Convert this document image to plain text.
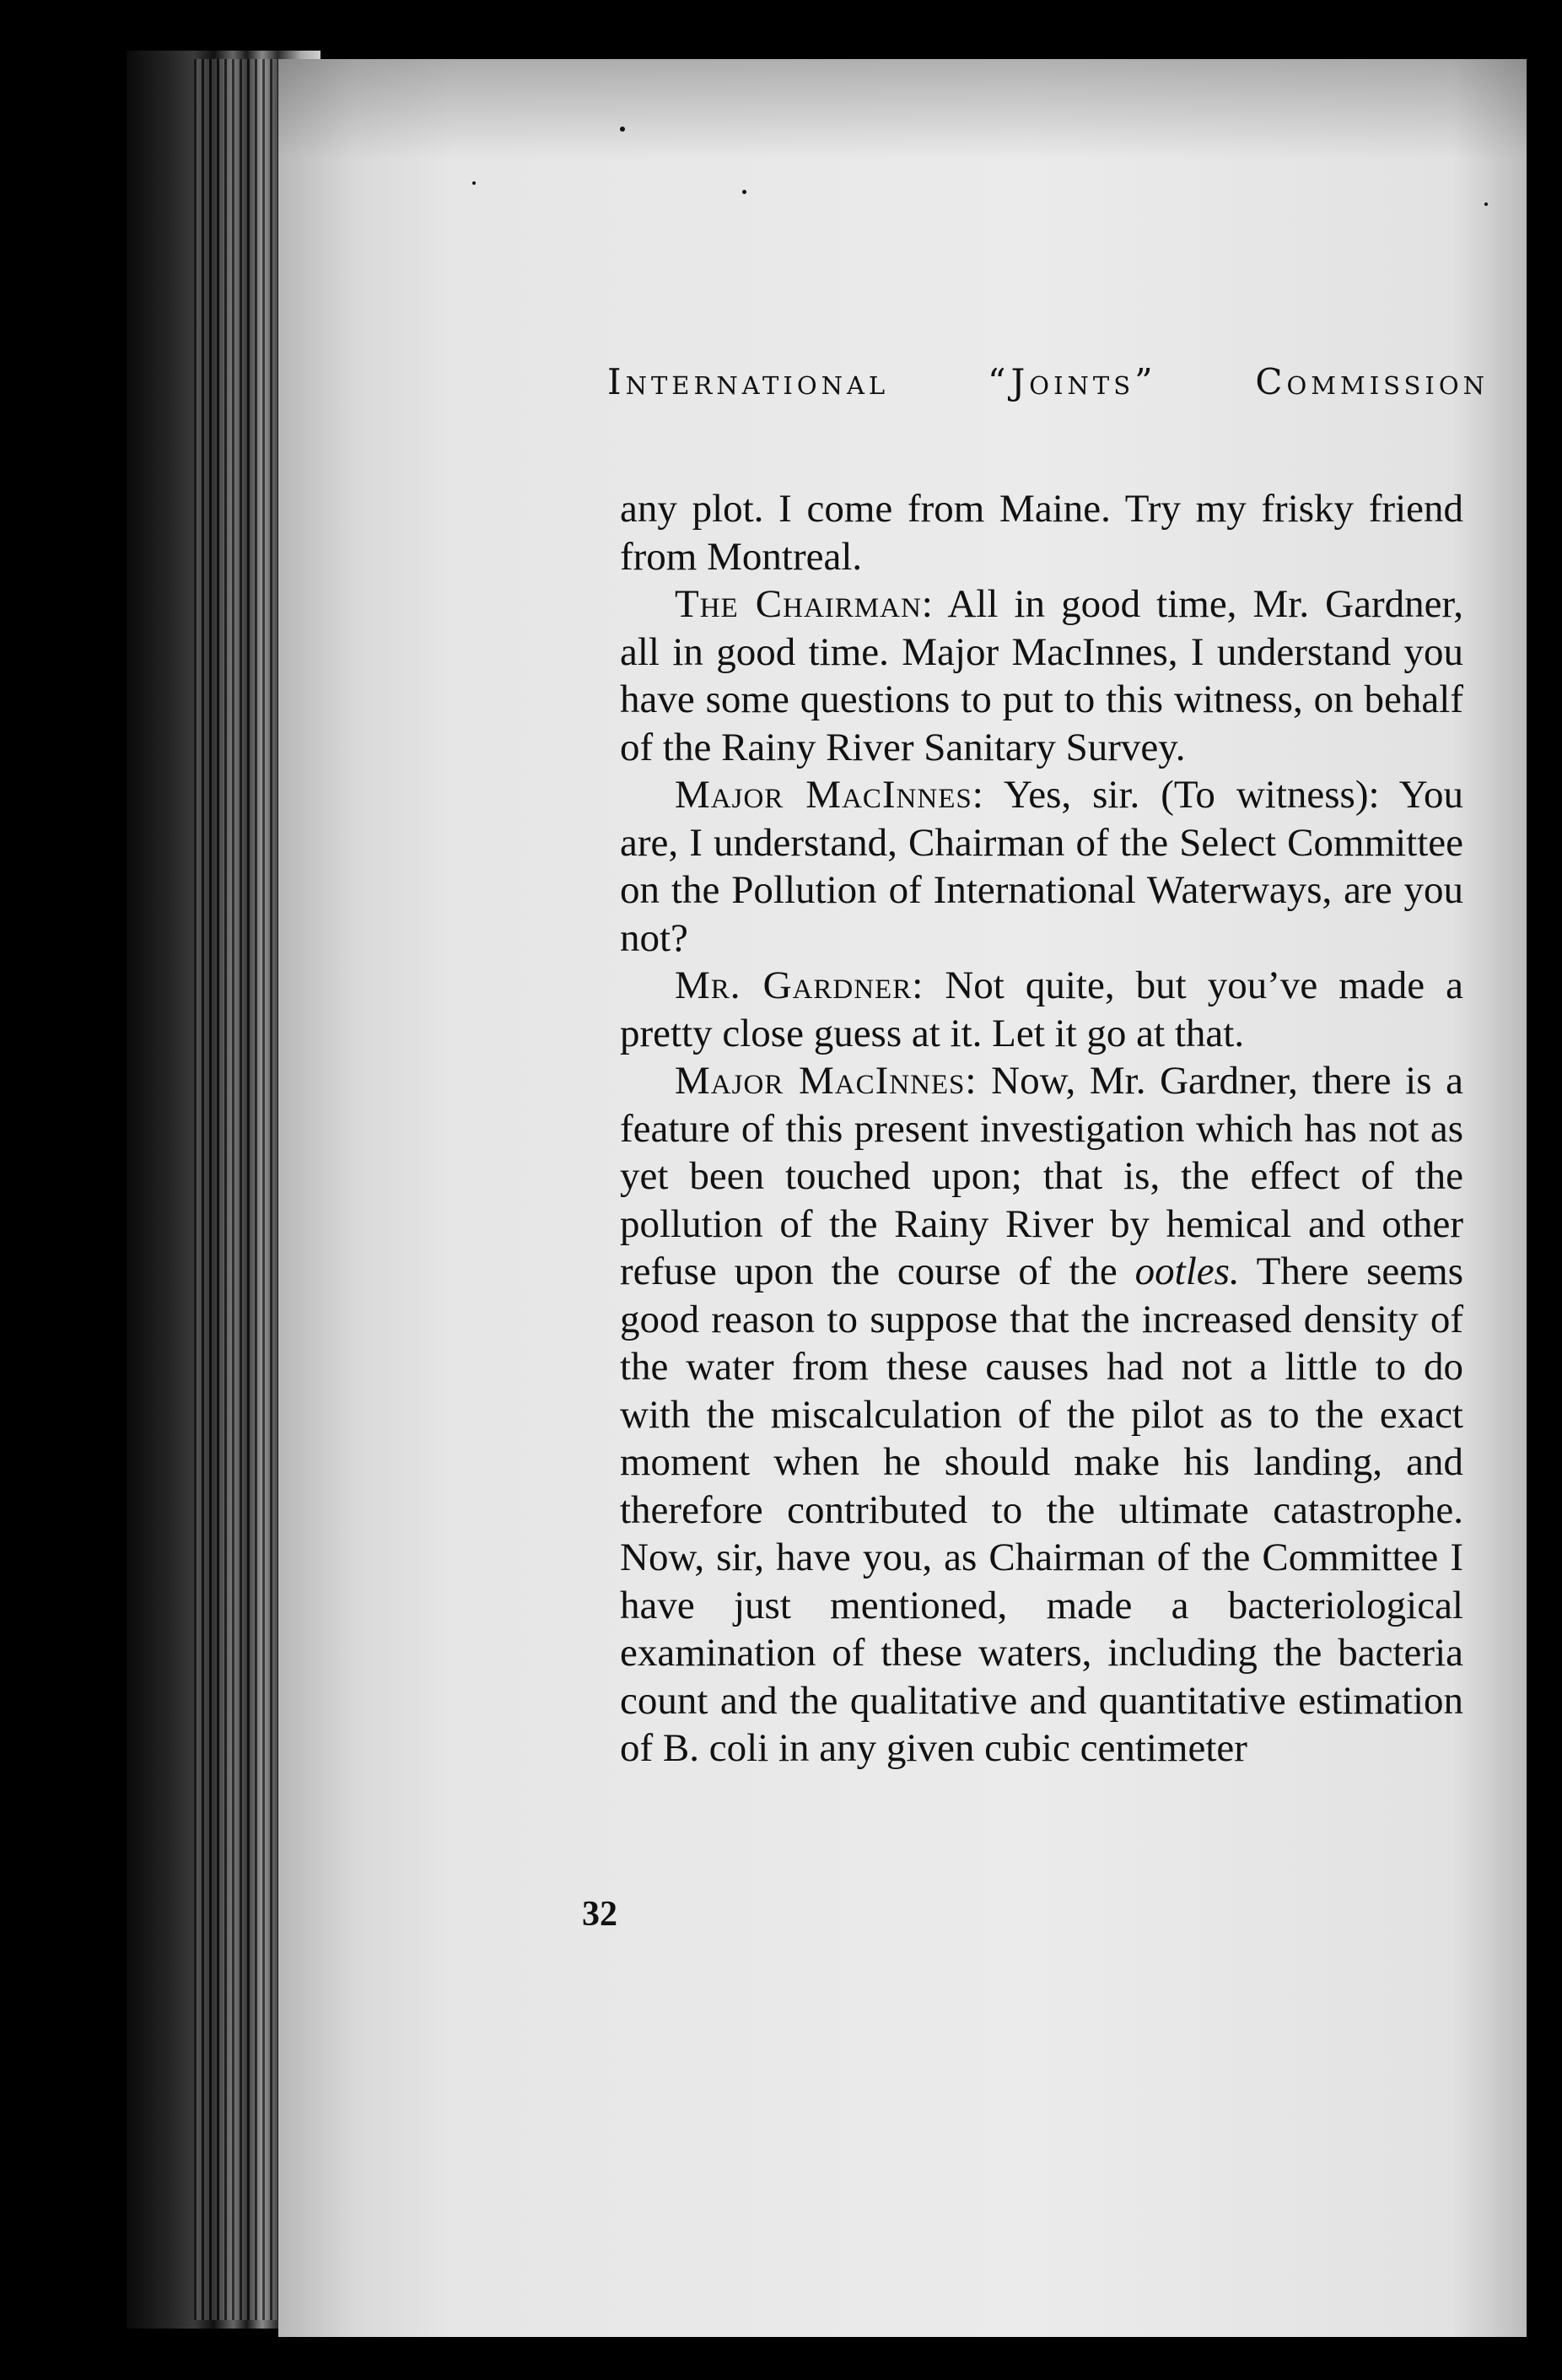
International	“Joints”	Commission

any plot. I come from Maine. Try my frisky friend from Montreal.

The Chairman: All in good time, Mr. Gardner, all in good time. Major MacInnes, I understand you have some questions to put to this witness, on behalf of the Rainy River Sanitary Survey.

Major MacInnes: Yes, sir. (To witness): You are, I understand, Chairman of the Select Committee on the Pollution of International Waterways, are you not?

Mr. Gardner: Not quite, but you’ve made a pretty close guess at it. Let it go at that.

Major MacInnes: Now, Mr. Gardner, there is a feature of this present investigation which has not as yet been touched upon; that is, the effect of the pollution of the Rainy River by hemical and other refuse upon the course of the ootles. There seems good reason to suppose that the increased density of the water from these causes had not a little to do with the miscalculation of the pilot as to the exact moment when he should make his landing, and therefore contributed to the ultimate catastrophe. Now, sir, have you, as Chairman of the Committee I have just mentioned, made a bacteriological examination of these waters, including the bacteria count and the qualitative and quantitative estimation of B. coli in any given cubic centimeter

32
